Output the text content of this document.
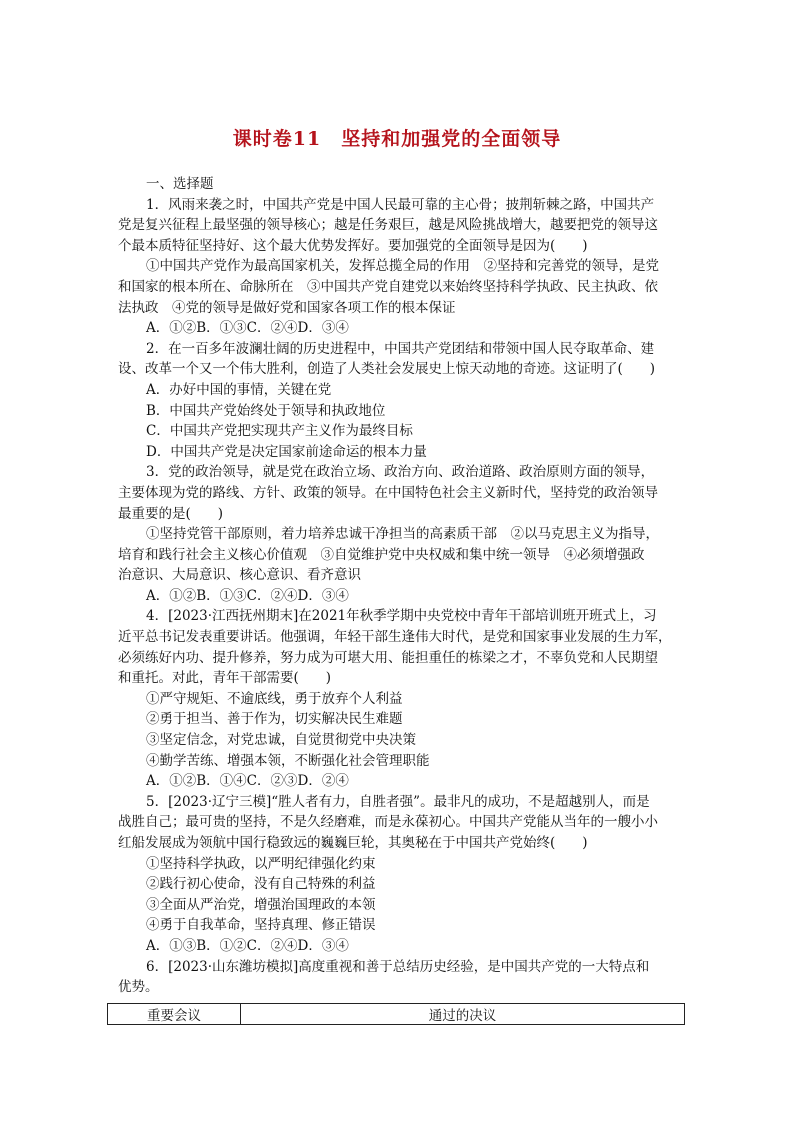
课时卷11　坚持和加强党的全面领导
一、选择题
1．风雨来袭之时，中国共产党是中国人民最可靠的主心骨；披荆斩棘之路，中国共产
党是复兴征程上最坚强的领导核心；越是任务艰巨，越是风险挑战增大，越要把党的领导这
个最本质特征坚持好、这个最大优势发挥好。要加强党的全面领导是因为(　　)
①中国共产党作为最高国家机关，发挥总揽全局的作用　②坚持和完善党的领导，是党
和国家的根本所在、命脉所在　③中国共产党自建党以来始终坚持科学执政、民主执政、依
法执政　④党的领导是做好党和国家各项工作的根本保证
A．①②B．①③C．②④D．③④
2．在一百多年波澜壮阔的历史进程中，中国共产党团结和带领中国人民夺取革命、建
设、改革一个又一个伟大胜利，创造了人类社会发展史上惊天动地的奇迹。这证明了(　　)
A．办好中国的事情，关键在党
B．中国共产党始终处于领导和执政地位
C．中国共产党把实现共产主义作为最终目标
D．中国共产党是决定国家前途命运的根本力量
3．党的政治领导，就是党在政治立场、政治方向、政治道路、政治原则方面的领导，
主要体现为党的路线、方针、政策的领导。在中国特色社会主义新时代，坚持党的政治领导
最重要的是(　　)
①坚持党管干部原则，着力培养忠诚干净担当的高素质干部　②以马克思主义为指导，
培育和践行社会主义核心价值观　③自觉维护党中央权威和集中统一领导　④必须增强政
治意识、大局意识、核心意识、看齐意识
A．①②B．①③C．②④D．③④
4．[2023·江西抚州期末]在2021年秋季学期中央党校中青年干部培训班开班式上，习
近平总书记发表重要讲话。他强调，年轻干部生逢伟大时代，是党和国家事业发展的生力军，
必须练好内功、提升修养，努力成为可堪大用、能担重任的栋梁之才，不辜负党和人民期望
和重托。对此，青年干部需要(　　)
①严守规矩、不逾底线，勇于放弃个人利益
②勇于担当、善于作为，切实解决民生难题
③坚定信念，对党忠诚，自觉贯彻党中央决策
④勤学苦练、增强本领，不断强化社会管理职能
A．①②B．①④C．②③D．②④
5．[2023·辽宁三模]“胜人者有力，自胜者强”。最非凡的成功，不是超越别人，而是
战胜自己；最可贵的坚持，不是久经磨难，而是永葆初心。中国共产党能从当年的一艘小小
红船发展成为领航中国行稳致远的巍巍巨轮，其奥秘在于中国共产党始终(　　)
①坚持科学执政，以严明纪律强化约束
②践行初心使命，没有自己特殊的利益
③全面从严治党，增强治国理政的本领
④勇于自我革命，坚持真理、修正错误
A．①③B．①②C．②④D．③④
6．[2023·山东潍坊模拟]高度重视和善于总结历史经验，是中国共产党的一大特点和
优势。
重要会议	通过的决议
